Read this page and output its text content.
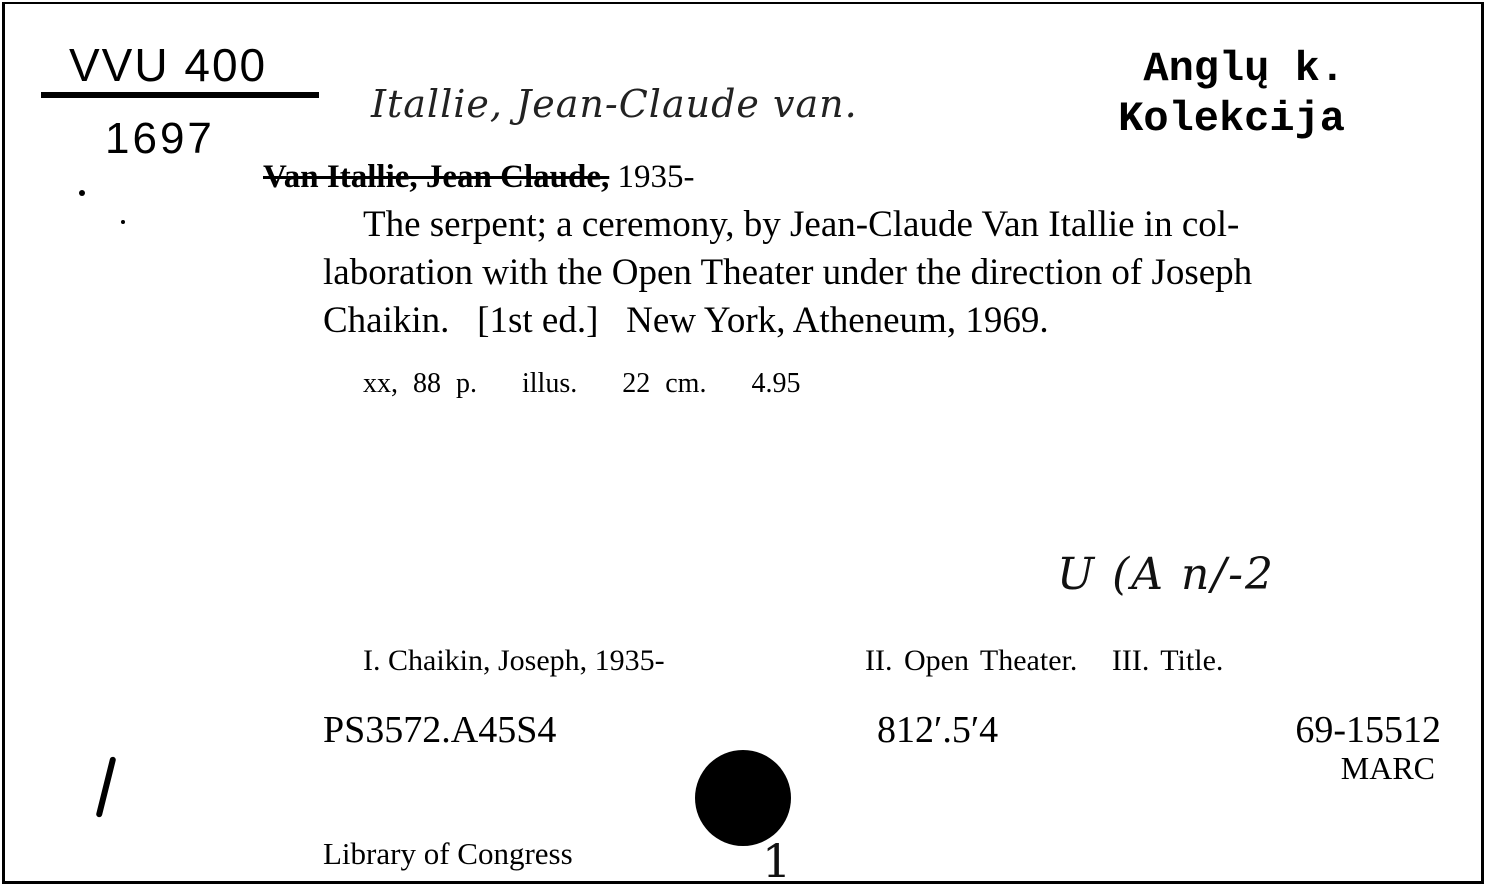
VVU 400
1697
Itallie, Jean-Claude van.
Anglų k.
Kolekcija
Van Itallie, Jean Claude, 1935-
The serpent; a ceremony, by Jean-Claude Van Itallie in col-
laboration with the Open Theater under the direction of Joseph
Chaikin.   [1st ed.]   New York, Atheneum, 1969.
xx, 88 p.   illus.   22 cm.   4.95
U (A n/-2
I. Chaikin, Joseph, 1935-	II. Open Theater.   III. Title.
PS3572.A45S4	812′.5′4	69-15512
MARC
Library of Congress	1
